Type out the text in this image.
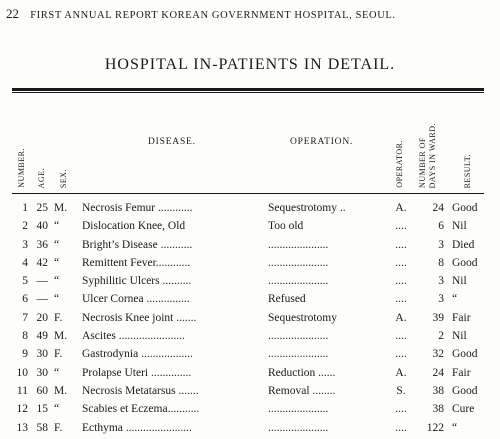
22 FIRST ANNUAL REPORT KOREAN GOVERNMENT HOSPITAL, SEOUL.
HOSPITAL IN-PATIENTS IN DETAIL.
NUMBER. AGE. SEX.
DISEASE.	OPERATION.	OPERATOR. NUMBER OF DAYS IN WARD.	RESULT.
1 25 M.	Necrosis Femur ............	Sequestrotomy ..	A.	24 Good
2 40 “	Dislocation Knee, Old	Too old	....	6 Nil
3 36 “	Bright’s Disease ...........	.....................	....	3 Died
4 42 “	Remittent Fever............	.....................	....	8 Good
5 — “	Syphilitic Ulcers ..........	.....................	....	3 Nil
6 — “	Ulcer Cornea ...............	Refused	....	3 “
7 20 F.	Necrosis Knee joint .......	Sequestrotomy	A.	39 Fair
8 49 M.	Ascites .......................	.....................	....	2 Nil
9 30 F.	Gastrodynia ..................	.....................	....	32 Good
10 30 “	Prolapse Uteri ..............	Reduction ......	A.	24 Fair
11 60 M.	Necrosis Metatarsus .......	Removal ........	S.	38 Good
12 15 “	Scabies et Eczema...........	.....................	....	38 Cure
13 58 F.	Ecthyma .......................	.....................	....	122 “
